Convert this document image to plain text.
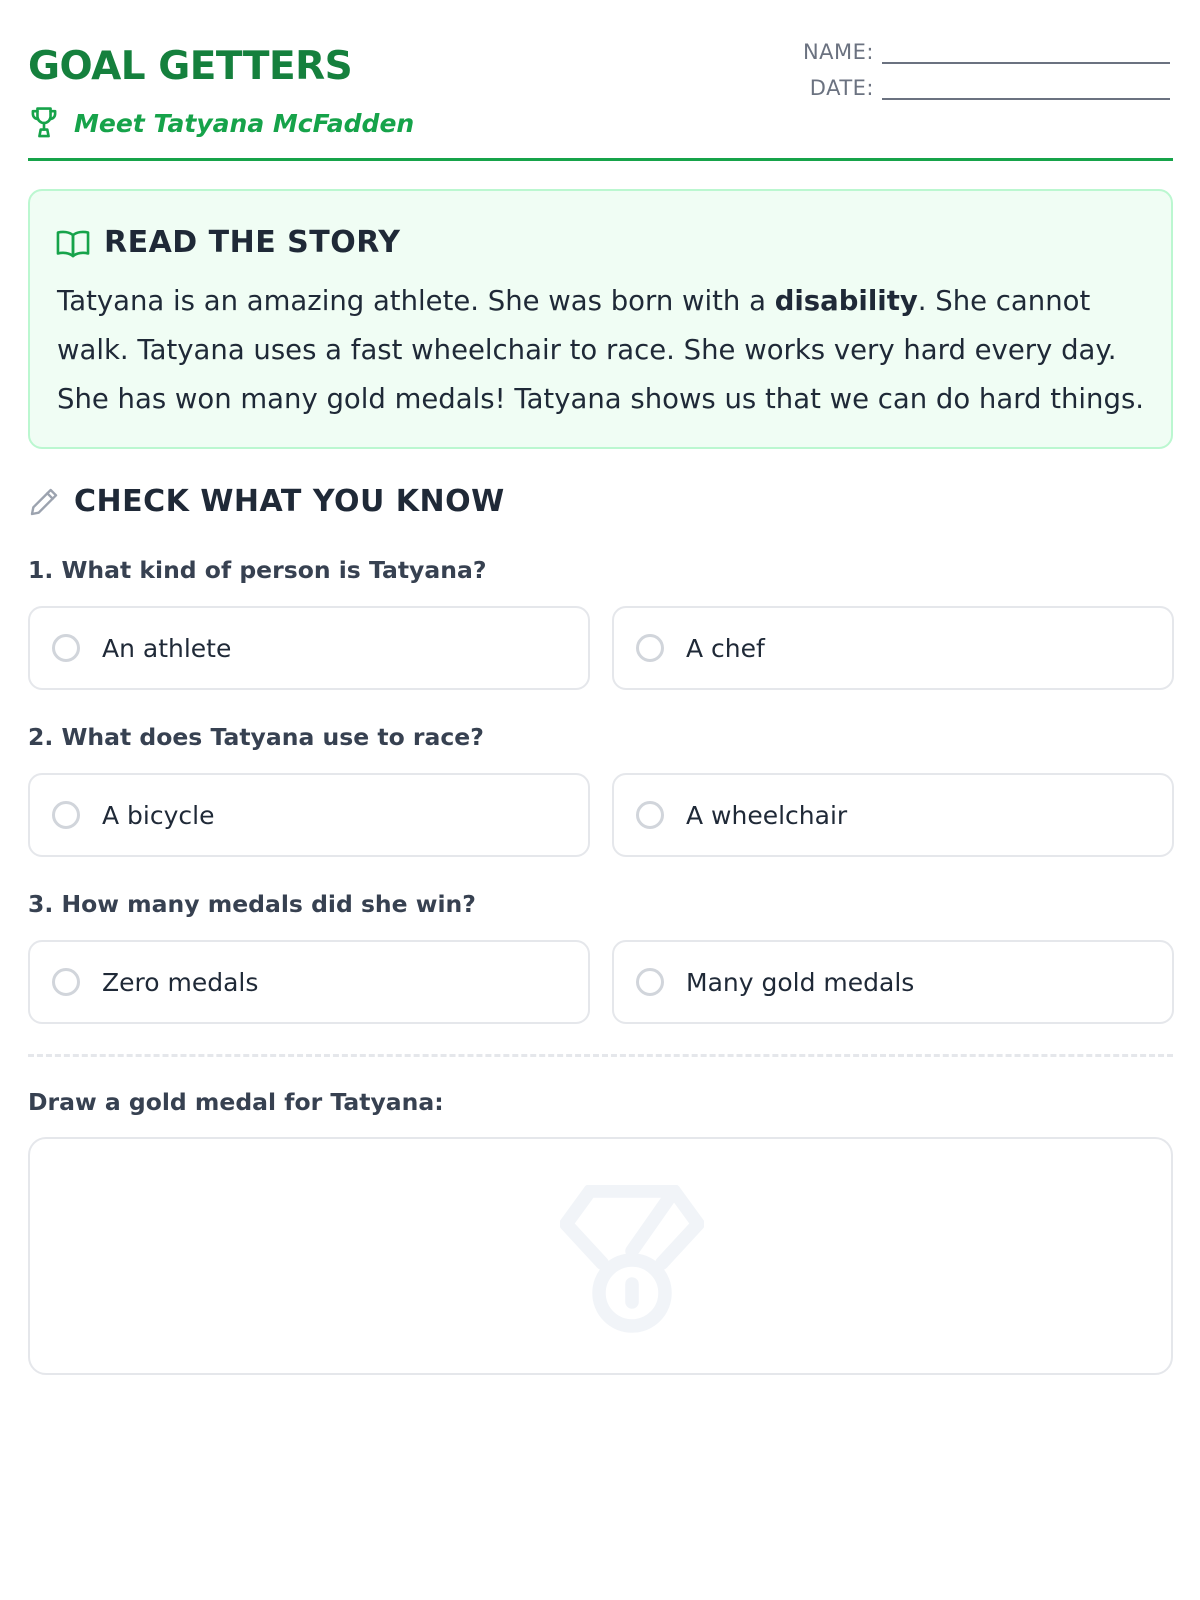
GOAL GETTERS
Meet Tatyana McFadden
NAME:
DATE:
READ THE STORY

Tatyana is an amazing athlete. She was born with a disability. She cannot walk. Tatyana uses a fast wheelchair to race. She works very hard every day. She has won many gold medals! Tatyana shows us that we can do hard things.

CHECK WHAT YOU KNOW

1. What kind of person is Tatyana?

An athlete	A chef

2. What does Tatyana use to race?

A bicycle	A wheelchair

3. How many medals did she win?

Zero medals	Many gold medals

Draw a gold medal for Tatyana:
